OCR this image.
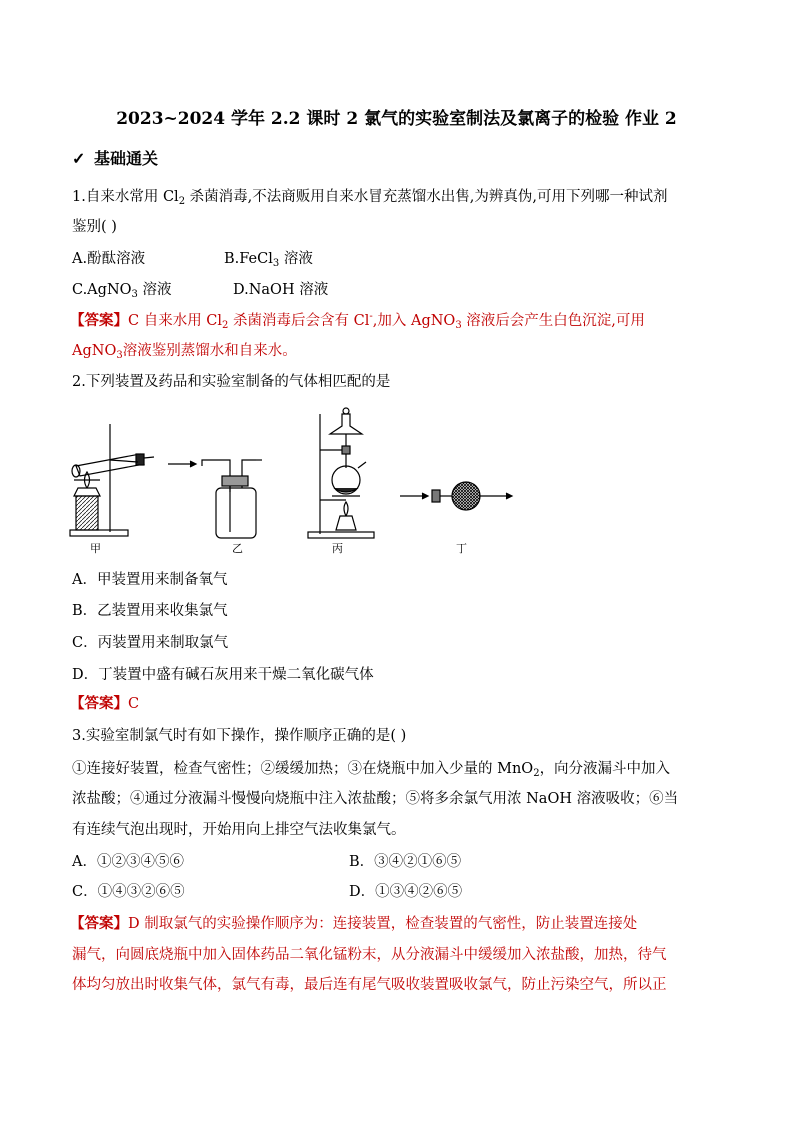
2023~2024 学年 2.2 课时 2 氯气的实验室制法及氯离子的检验 作业 2
✓ 基础通关
1.自来水常用 $Cl_2$ 杀菌消毒,不法商贩用自来水冒充蒸馏水出售,为辨真伪,可用下列哪一种试剂
鉴别( )
A.酚酞溶液	B.FeCl$_3$ 溶液
C.AgNO$_3$ 溶液	D.NaOH 溶液
【答案】C 自来水用 $Cl_2$ 杀菌消毒后会含有 Cl-,加入 AgNO$_3$ 溶液后会产生白色沉淀,可用
AgNO$_3$溶液鉴别蒸馏水和自来水。
2.下列装置及药品和实验室制备的气体相匹配的是
甲	乙	丙	丁
A．甲装置用来制备氧气
B．乙装置用来收集氯气
C．丙装置用来制取氯气
D．丁装置中盛有碱石灰用来干燥二氧化碳气体
【答案】C
3.实验室制氯气时有如下操作，操作顺序正确的是( )
①连接好装置，检查气密性；②缓缓加热；③在烧瓶中加入少量的 MnO$_2$，向分液漏斗中加入
浓盐酸；④通过分液漏斗慢慢向烧瓶中注入浓盐酸；⑤将多余氯气用浓 NaOH 溶液吸收；⑥当
有连续气泡出现时，开始用向上排空气法收集氯气。
A．①②③④⑤⑥	B．③④②①⑥⑤
C．①④③②⑥⑤	D．①③④②⑥⑤
【答案】D 制取氯气的实验操作顺序为：连接装置，检查装置的气密性，防止装置连接处
漏气，向圆底烧瓶中加入固体药品二氧化锰粉末，从分液漏斗中缓缓加入浓盐酸，加热，待气
体均匀放出时收集气体，氯气有毒，最后连有尾气吸收装置吸收氯气，防止污染空气，所以正
